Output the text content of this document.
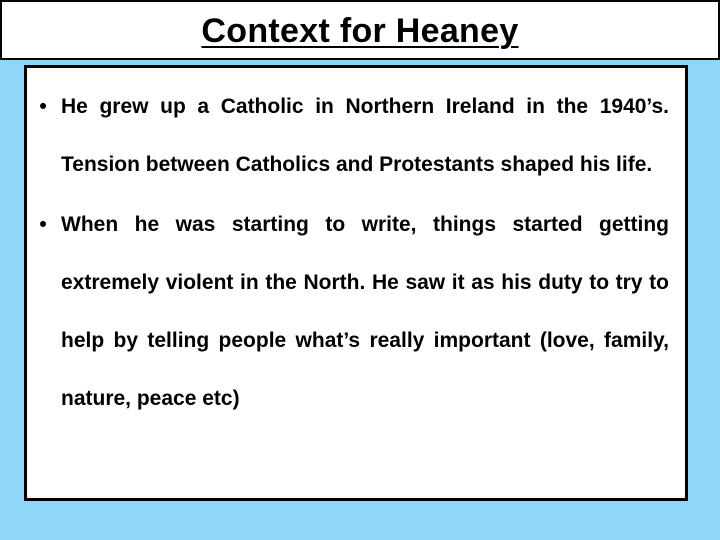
Context for Heaney
• He grew up a Catholic in Northern Ireland in the 1940’s. Tension between Catholics and Protestants shaped his life.
• When he was starting to write, things started getting extremely violent in the North. He saw it as his duty to try to help by telling people what’s really important (love, family, nature, peace etc)
